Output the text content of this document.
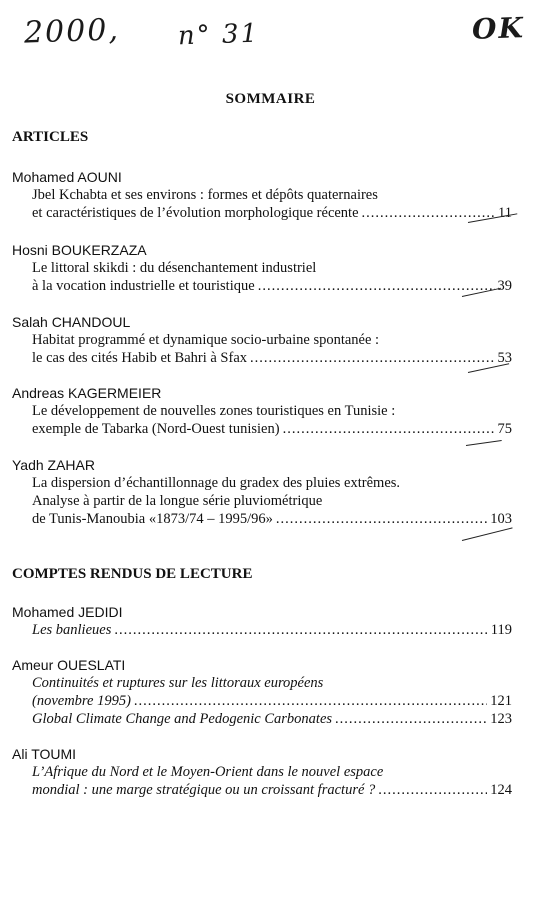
2000, n° 31	OK
SOMMAIRE
ARTICLES
Mohamed AOUNI
Jbel Kchabta et ses environs : formes et dépôts quaternaires
et caractéristiques de l’évolution morphologique récente .....	11
Hosni BOUKERZAZA
Le littoral skikdi : du désenchantement industriel
à la vocation industrielle et touristique .....	39
Salah CHANDOUL
Habitat programmé et dynamique socio-urbaine spontanée :
le cas des cités Habib et Bahri à Sfax .....	53
Andreas KAGERMEIER
Le développement de nouvelles zones touristiques en Tunisie :
exemple de Tabarka (Nord-Ouest tunisien) .....	75
Yadh ZAHAR
La dispersion d’échantillonnage du gradex des pluies extrêmes.
Analyse à partir de la longue série pluviométrique
de Tunis-Manoubia «1873/74 – 1995/96» .....	103
COMPTES RENDUS DE LECTURE
Mohamed JEDIDI
Les banlieues .....	119
Ameur OUESLATI
Continuités et ruptures sur les littoraux européens
(novembre 1995) .....	121
Global Climate Change and Pedogenic Carbonates .....	123
Ali TOUMI
L’Afrique du Nord et le Moyen-Orient dans le nouvel espace
mondial : une marge stratégique ou un croissant fracturé ? .....	124
